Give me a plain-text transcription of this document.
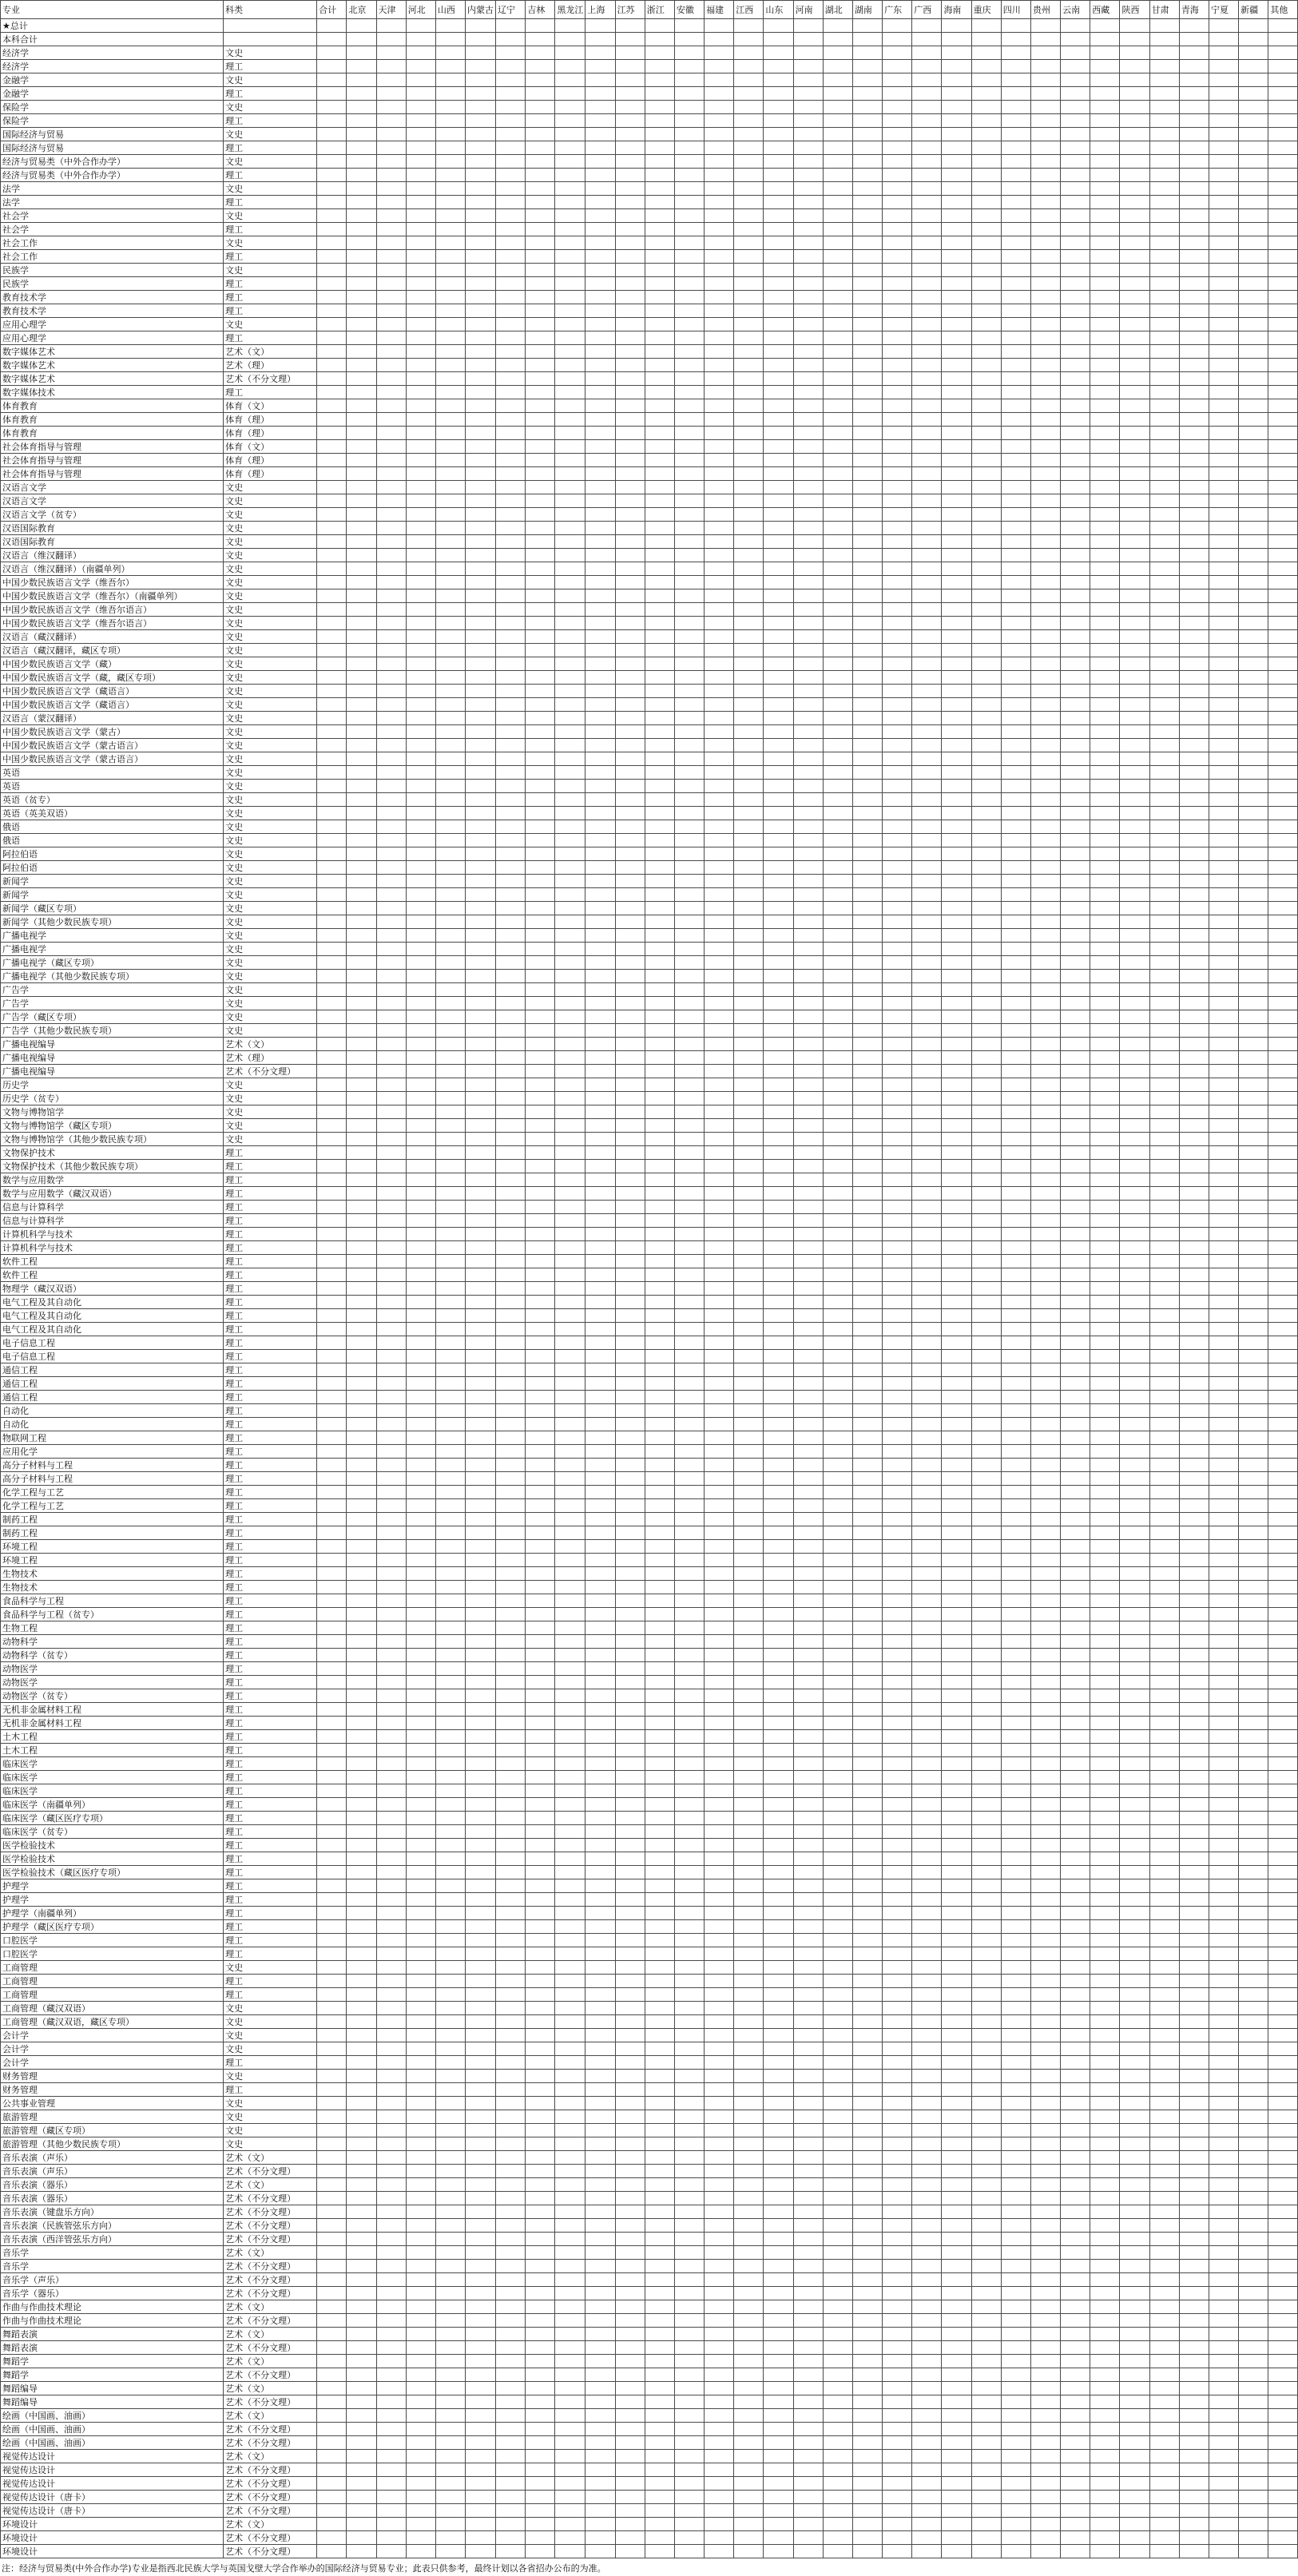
专业	科类	合计	北京	天津	河北	山西	内蒙古	辽宁	吉林	黑龙江	上海	江苏	浙江	安徽	福建	江西	山东	河南	湖北	湖南	广东	广西	海南	重庆	四川	贵州	云南	西藏	陕西	甘肃	青海	宁夏	新疆	其他
★总计																																		
本科合计																																		
经济学	文史																																	
经济学	理工																																	
金融学	文史																																	
金融学	理工																																	
保险学	文史																																	
保险学	理工																																	
国际经济与贸易	文史																																	
国际经济与贸易	理工																																	
经济与贸易类（中外合作办学）	文史																																	
经济与贸易类（中外合作办学）	理工																																	
法学	文史																																	
法学	理工																																	
社会学	文史																																	
社会学	理工																																	
社会工作	文史																																	
社会工作	理工																																	
民族学	文史																																	
民族学	理工																																	
教育技术学	理工																																	
教育技术学	理工																																	
应用心理学	文史																																	
应用心理学	理工																																	
数字媒体艺术	艺术（文）																																	
数字媒体艺术	艺术（理）																																	
数字媒体艺术	艺术（不分文理）																																	
数字媒体技术	理工																																	
体育教育	体育（文）																																	
体育教育	体育（理）																																	
体育教育	体育（理）																																	
社会体育指导与管理	体育（文）																																	
社会体育指导与管理	体育（理）																																	
社会体育指导与管理	体育（理）																																	
汉语言文学	文史																																	
汉语言文学	文史																																	
汉语言文学（贫专）	文史																																	
汉语国际教育	文史																																	
汉语国际教育	文史																																	
汉语言（维汉翻译）	文史																																	
汉语言（维汉翻译）（南疆单列）	文史																																	
中国少数民族语言文学（维吾尔）	文史																																	
中国少数民族语言文学（维吾尔）（南疆单列）	文史																																	
中国少数民族语言文学（维吾尔语言）	文史																																	
中国少数民族语言文学（维吾尔语言）	文史																																	
汉语言（藏汉翻译）	文史																																	
汉语言（藏汉翻译，藏区专项）	文史																																	
中国少数民族语言文学（藏）	文史																																	
中国少数民族语言文学（藏，藏区专项）	文史																																	
中国少数民族语言文学（藏语言）	文史																																	
中国少数民族语言文学（藏语言）	文史																																	
汉语言（蒙汉翻译）	文史																																	
中国少数民族语言文学（蒙古）	文史																																	
中国少数民族语言文学（蒙古语言）	文史																																	
中国少数民族语言文学（蒙古语言）	文史																																	
英语	文史																																	
英语	文史																																	
英语（贫专）	文史																																	
英语（英美双语）	文史																																	
俄语	文史																																	
俄语	文史																																	
阿拉伯语	文史																																	
阿拉伯语	文史																																	
新闻学	文史																																	
新闻学	文史																																	
新闻学（藏区专项）	文史																																	
新闻学（其他少数民族专项）	文史																																	
广播电视学	文史																																	
广播电视学	文史																																	
广播电视学（藏区专项）	文史																																	
广播电视学（其他少数民族专项）	文史																																	
广告学	文史																																	
广告学	文史																																	
广告学（藏区专项）	文史																																	
广告学（其他少数民族专项）	文史																																	
广播电视编导	艺术（文）																																	
广播电视编导	艺术（理）																																	
广播电视编导	艺术（不分文理）																																	
历史学	文史																																	
历史学（贫专）	文史																																	
文物与博物馆学	文史																																	
文物与博物馆学（藏区专项）	文史																																	
文物与博物馆学（其他少数民族专项）	文史																																	
文物保护技术	理工																																	
文物保护技术（其他少数民族专项）	理工																																	
数学与应用数学	理工																																	
数学与应用数学（藏汉双语）	理工																																	
信息与计算科学	理工																																	
信息与计算科学	理工																																	
计算机科学与技术	理工																																	
计算机科学与技术	理工																																	
软件工程	理工																																	
软件工程	理工																																	
物理学（藏汉双语）	理工																																	
电气工程及其自动化	理工																																	
电气工程及其自动化	理工																																	
电气工程及其自动化	理工																																	
电子信息工程	理工																																	
电子信息工程	理工																																	
通信工程	理工																																	
通信工程	理工																																	
通信工程	理工																																	
自动化	理工																																	
自动化	理工																																	
物联网工程	理工																																	
应用化学	理工																																	
高分子材料与工程	理工																																	
高分子材料与工程	理工																																	
化学工程与工艺	理工																																	
化学工程与工艺	理工																																	
制药工程	理工																																	
制药工程	理工																																	
环境工程	理工																																	
环境工程	理工																																	
生物技术	理工																																	
生物技术	理工																																	
食品科学与工程	理工																																	
食品科学与工程（贫专）	理工																																	
生物工程	理工																																	
动物科学	理工																																	
动物科学（贫专）	理工																																	
动物医学	理工																																	
动物医学	理工																																	
动物医学（贫专）	理工																																	
无机非金属材料工程	理工																																	
无机非金属材料工程	理工																																	
土木工程	理工																																	
土木工程	理工																																	
临床医学	理工																																	
临床医学	理工																																	
临床医学	理工																																	
临床医学（南疆单列）	理工																																	
临床医学（藏区医疗专项）	理工																																	
临床医学（贫专）	理工																																	
医学检验技术	理工																																	
医学检验技术	理工																																	
医学检验技术（藏区医疗专项）	理工																																	
护理学	理工																																	
护理学	理工																																	
护理学（南疆单列）	理工																																	
护理学（藏区医疗专项）	理工																																	
口腔医学	理工																																	
口腔医学	理工																																	
工商管理	文史																																	
工商管理	理工																																	
工商管理	理工																																	
工商管理（藏汉双语）	文史																																	
工商管理（藏汉双语，藏区专项）	文史																																	
会计学	文史																																	
会计学	文史																																	
会计学	理工																																	
财务管理	文史																																	
财务管理	理工																																	
公共事业管理	文史																																	
旅游管理	文史																																	
旅游管理（藏区专项）	文史																																	
旅游管理（其他少数民族专项）	文史																																	
音乐表演（声乐）	艺术（文）																																	
音乐表演（声乐）	艺术（不分文理）																																	
音乐表演（器乐）	艺术（文）																																	
音乐表演（器乐）	艺术（不分文理）																																	
音乐表演（键盘乐方向）	艺术（不分文理）																																	
音乐表演（民族管弦乐方向）	艺术（不分文理）																																	
音乐表演（西洋管弦乐方向）	艺术（不分文理）																																	
音乐学	艺术（文）																																	
音乐学	艺术（不分文理）																																	
音乐学（声乐）	艺术（不分文理）																																	
音乐学（器乐）	艺术（不分文理）																																	
作曲与作曲技术理论	艺术（文）																																	
作曲与作曲技术理论	艺术（不分文理）																																	
舞蹈表演	艺术（文）																																	
舞蹈表演	艺术（不分文理）																																	
舞蹈学	艺术（文）																																	
舞蹈学	艺术（不分文理）																																	
舞蹈编导	艺术（文）																																	
舞蹈编导	艺术（不分文理）																																	
绘画（中国画、油画）	艺术（文）																																	
绘画（中国画、油画）	艺术（不分文理）																																	
绘画（中国画、油画）	艺术（不分文理）																																	
视觉传达设计	艺术（文）																																	
视觉传达设计	艺术（不分文理）																																	
视觉传达设计	艺术（不分文理）																																	
视觉传达设计（唐卡）	艺术（不分文理）																																	
视觉传达设计（唐卡）	艺术（不分文理）																																	
环境设计	艺术（文）																																	
环境设计	艺术（不分文理）																																	
环境设计	艺术（不分文理）																																	
注：经济与贸易类(中外合作办学)专业是指西北民族大学与英国戈壁大学合作举办的国际经济与贸易专业；此表只供参考，最终计划以各省招办公布的为准。
